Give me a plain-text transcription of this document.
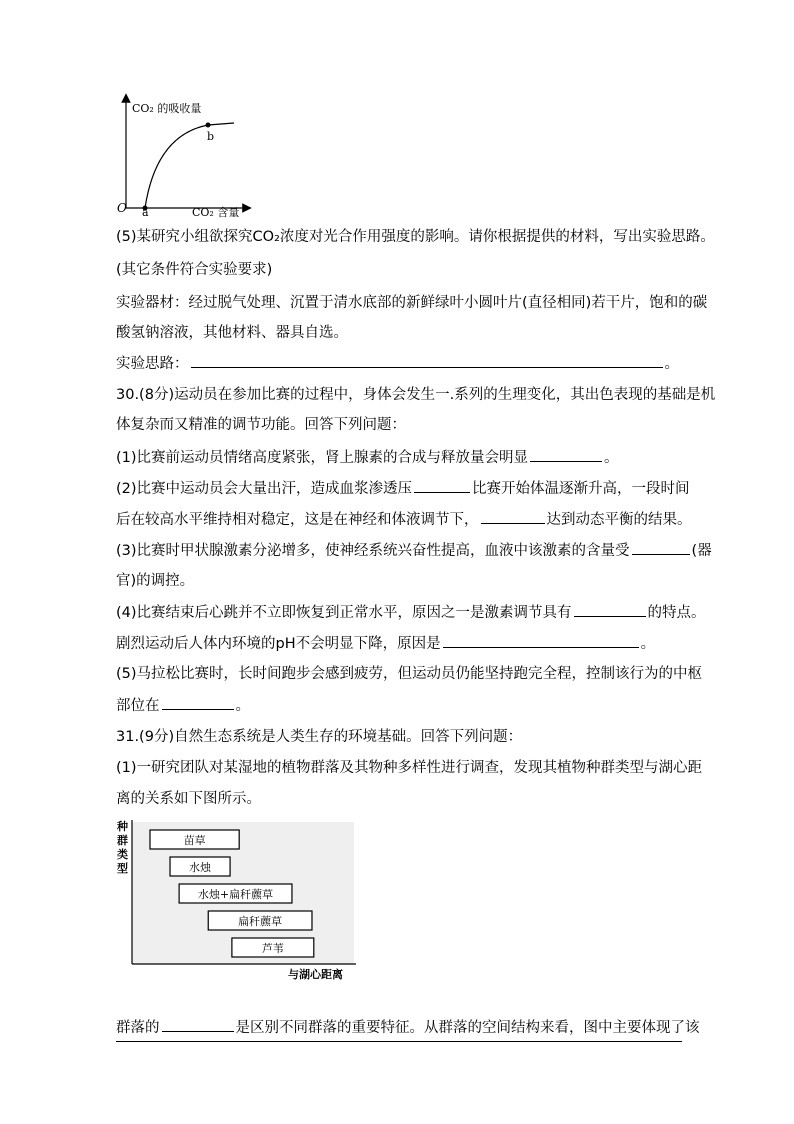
CO₂ 的吸收量
CO₂ 含量
O a
b
(5)某研究小组欲探究CO₂浓度对光合作用强度的影响。请你根据提供的材料，写出实验思路。
(其它条件符合实验要求)
实验器材：经过脱气处理、沉置于清水底部的新鲜绿叶小圆叶片(直径相同)若干片，饱和的碳
酸氢钠溶液，其他材料、器具自选。
实验思路：	。
30.(8分)运动员在参加比赛的过程中，身体会发生一.系列的生理变化，其出色表现的基础是机
体复杂而又精准的调节功能。回答下列问题：
(1)比赛前运动员情绪高度紧张，肾上腺素的合成与释放量会明显	。
(2)比赛中运动员会大量出汗，造成血浆渗透压	比赛开始体温逐渐升高，一段时间
后在较高水平维持相对稳定，这是在神经和体液调节下，	达到动态平衡的结果。
(3)比赛时甲状腺激素分泌增多，使神经系统兴奋性提高，血液中该激素的含量受	(器
官)的调控。
(4)比赛结束后心跳并不立即恢复到正常水平，原因之一是激素调节具有	的特点。
剧烈运动后人体内环境的pH不会明显下降，原因是	。
(5)马拉松比赛时，长时间跑步会感到疲劳，但运动员仍能坚持跑完全程，控制该行为的中枢
部位在	。
31.(9分)自然生态系统是人类生存的环境基础。回答下列问题：
(1)一研究团队对某湿地的植物群落及其物种多样性进行调查，发现其植物种群类型与湖心距
离的关系如下图所示。
种
群
类
型
与湖心距离
苗草
水烛
水烛+扁秆藨草
扁秆藨草
芦苇
群落的	是区别不同群落的重要特征。从群落的空间结构来看，图中主要体现了该
